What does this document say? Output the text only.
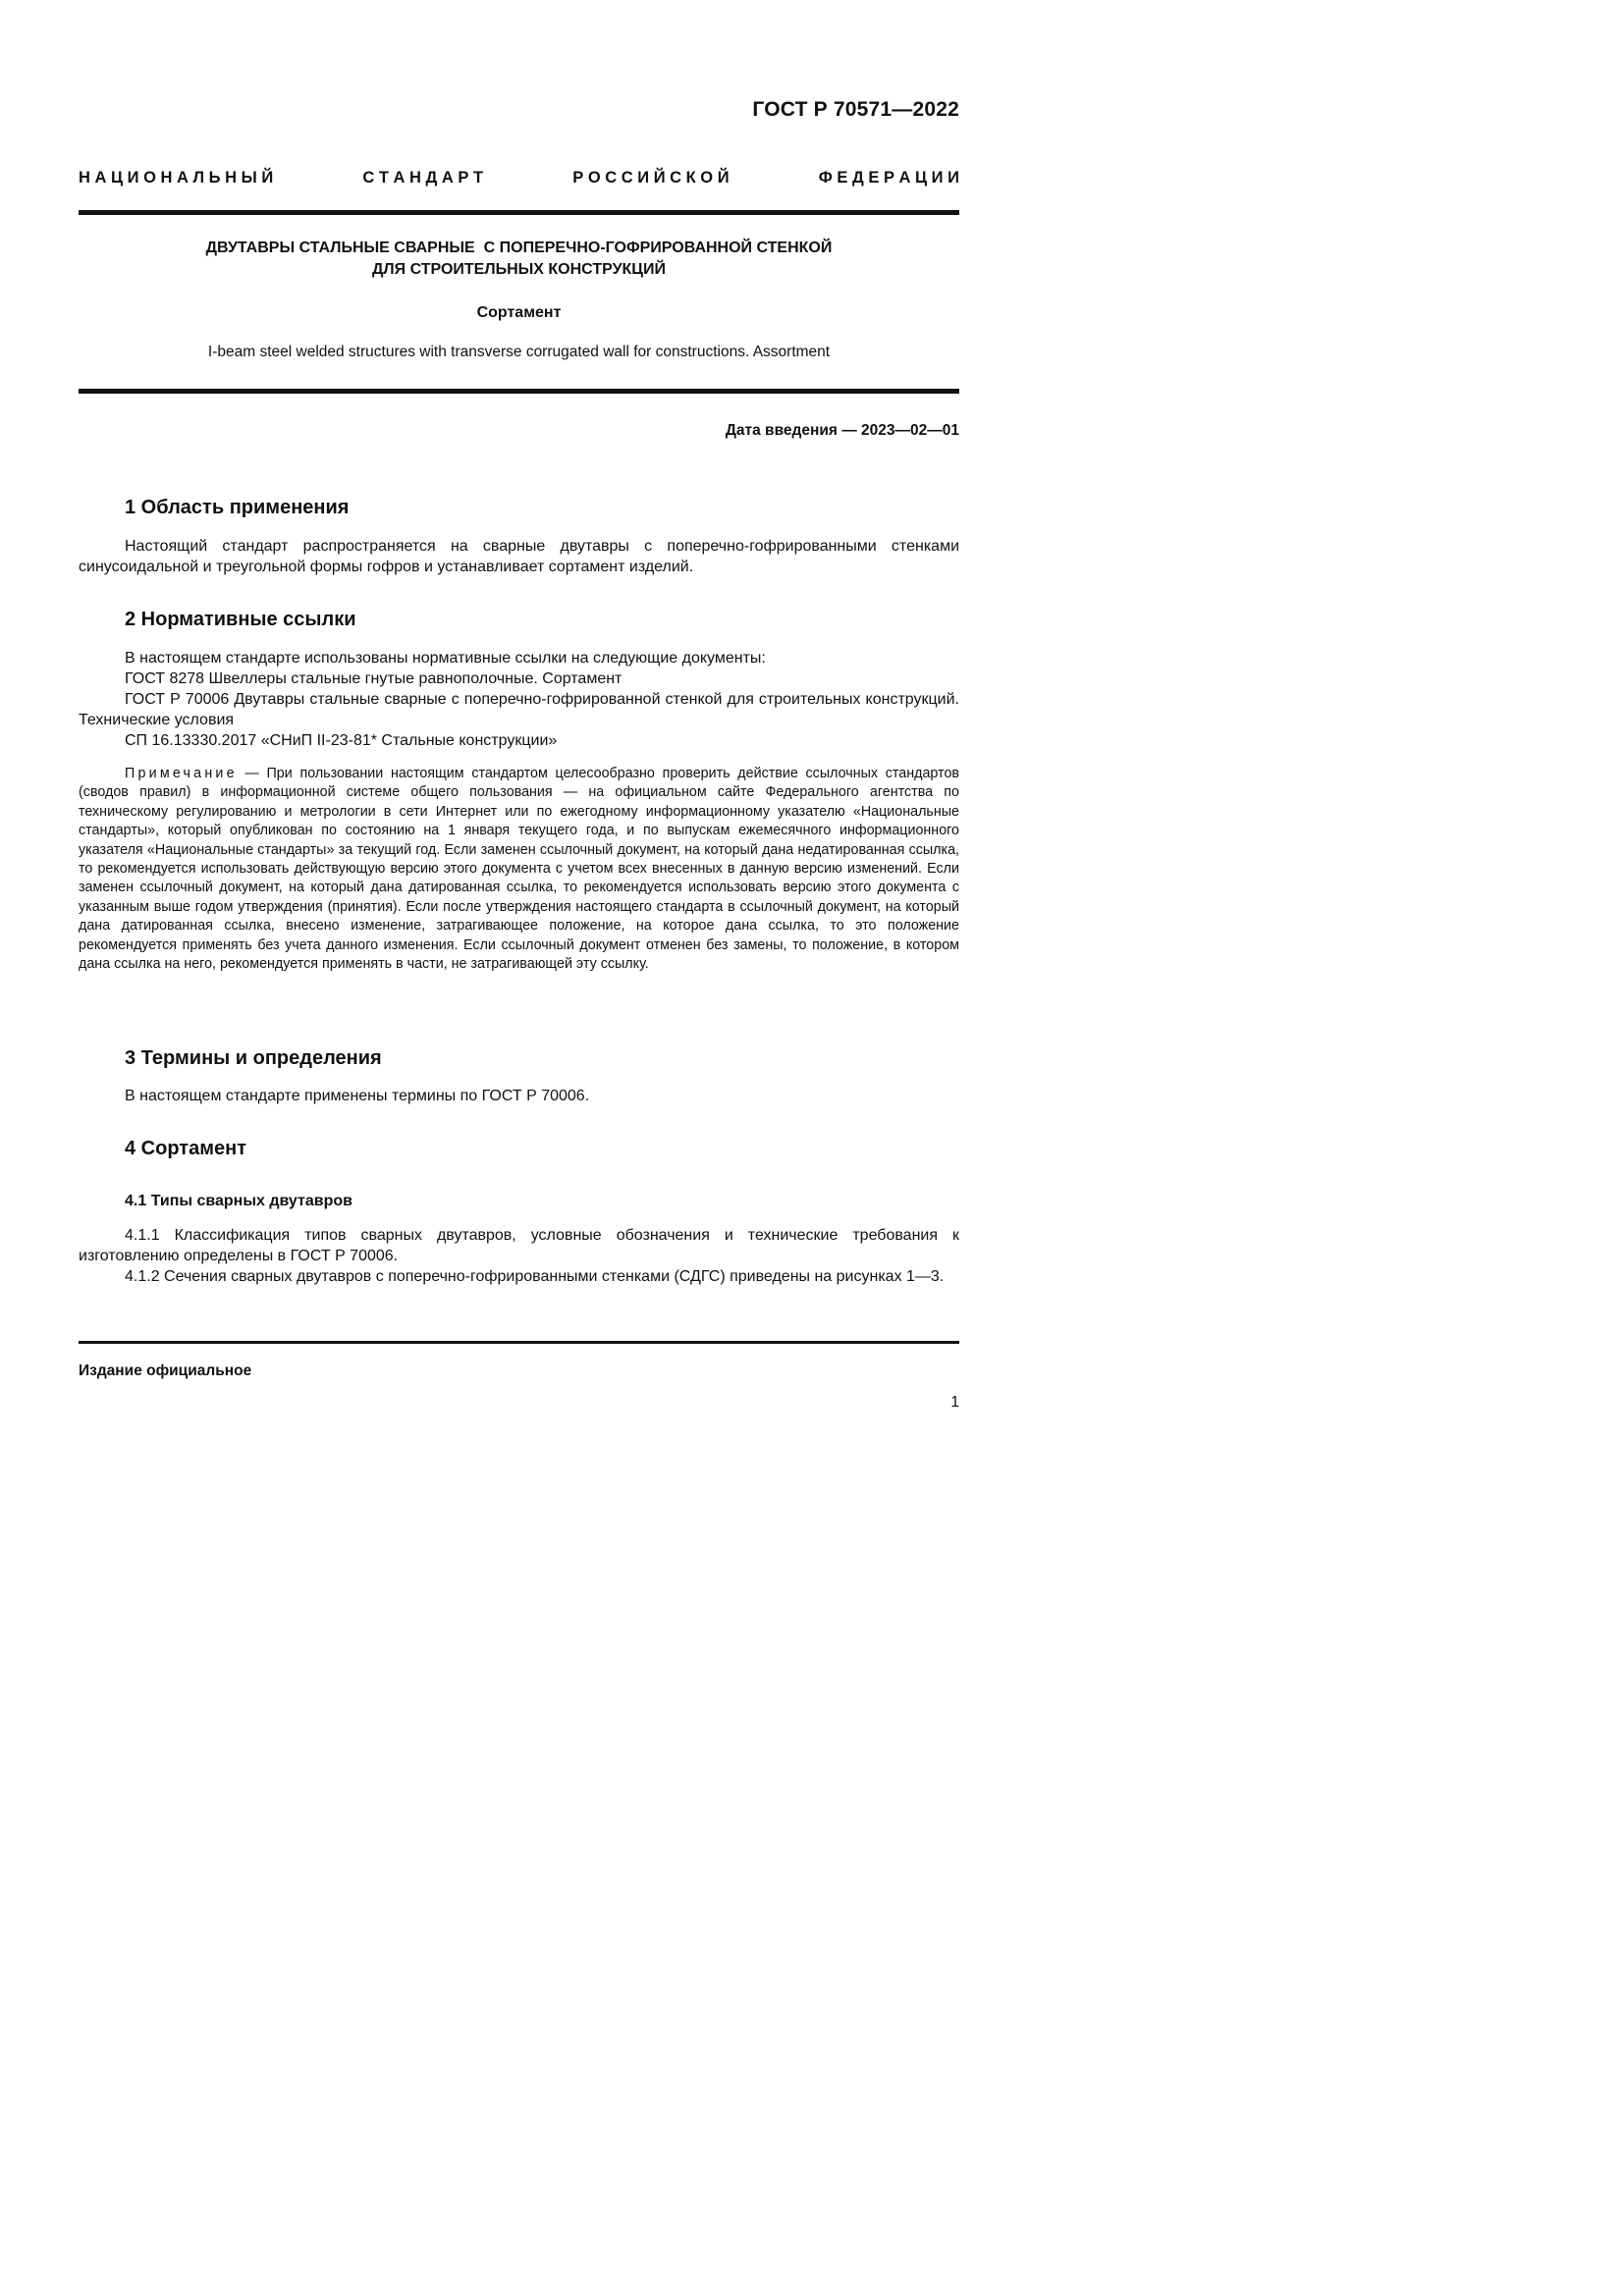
ГОСТ Р 70571—2022
Н А Ц И О Н А Л Ь Н Ы Й	С Т А Н Д А Р Т	Р О С С И Й С К О Й	Ф Е Д Е Р А Ц И И
ДВУТАВРЫ СТАЛЬНЫЕ СВАРНЫЕ  С ПОПЕРЕЧНО-ГОФРИРОВАННОЙ СТЕНКОЙ
ДЛЯ СТРОИТЕЛЬНЫХ КОНСТРУКЦИЙ
Сортамент
I-beam steel welded structures with transverse corrugated wall for constructions. Assortment
Дата введения — 2023—02—01
1 Область применения

Настоящий стандарт распространяется на сварные двутавры с поперечно-гофрированными стенками синусоидальной и треугольной формы гофров и устанавливает сортамент изделий.

2 Нормативные ссылки

В настоящем стандарте использованы нормативные ссылки на следующие документы:

ГОСТ 8278 Швеллеры стальные гнутые равнополочные. Сортамент

ГОСТ Р 70006 Двутавры стальные сварные с поперечно-гофрированной стенкой для строительных конструкций. Технические условия

СП 16.13330.2017 «СНиП II-23-81* Стальные конструкции»

Примечание — При пользовании настоящим стандартом целесообразно проверить действие ссылочных стандартов (сводов правил) в информационной системе общего пользования — на официальном сайте Федерального агентства по техническому регулированию и метрологии в сети Интернет или по ежегодному информационному указателю «Национальные стандарты», который опубликован по состоянию на 1 января текущего года, и по выпускам ежемесячного информационного указателя «Национальные стандарты» за текущий год. Если заменен ссылочный документ, на который дана недатированная ссылка, то рекомендуется использовать действующую версию этого документа с учетом всех внесенных в данную версию изменений. Если заменен ссылочный документ, на который дана датированная ссылка, то рекомендуется использовать версию этого документа с указанным выше годом утверждения (принятия). Если после утверждения настоящего стандарта в ссылочный документ, на который дана датированная ссылка, внесено изменение, затрагивающее положение, на которое дана ссылка, то это положение рекомендуется применять без учета данного изменения. Если ссылочный документ отменен без замены, то положение, в котором дана ссылка на него, рекомендуется применять в части, не затрагивающей эту ссылку.

3 Термины и определения

В настоящем стандарте применены термины по ГОСТ Р 70006.

4 Сортамент
4.1 Типы сварных двутавров

4.1.1 Классификация типов сварных двутавров, условные обозначения и технические требования к изготовлению определены в ГОСТ Р 70006.

4.1.2 Сечения сварных двутавров с поперечно-гофрированными стенками (СДГС) приведены на рисунках 1—3.

Издание официальное
1
